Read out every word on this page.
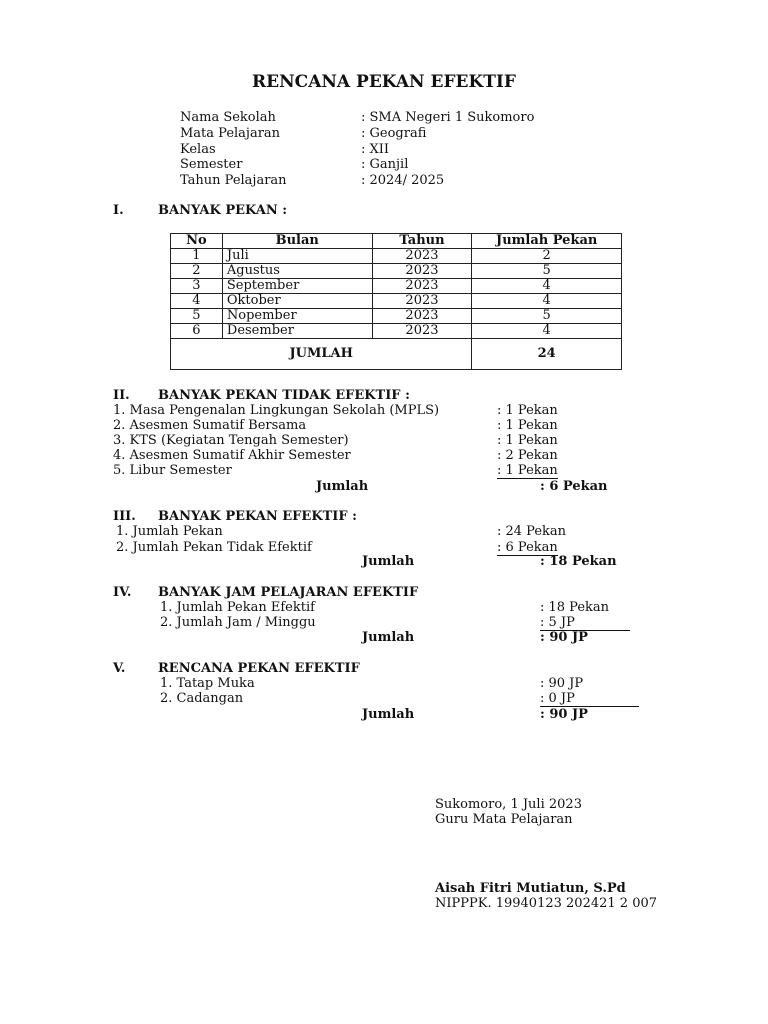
RENCANA PEKAN EFEKTIF
Nama Sekolah	: SMA Negeri 1 Sukomoro
Mata Pelajaran	: Geografi
Kelas	: XII
Semester	: Ganjil
Tahun Pelajaran	: 2024/ 2025
I.	BANYAK PEKAN :
No	Bulan	Tahun	Jumlah Pekan
1	Juli	2023	2
2	Agustus	2023	5
3	September	2023	4
4	Oktober	2023	4
5	Nopember	2023	5
6	Desember	2023	4
JUMLAH			24
II. BANYAK PEKAN TIDAK EFEKTIF :
1. Masa Pengenalan Lingkungan Sekolah (MPLS)	: 1 Pekan
2. Asesmen Sumatif Bersama	: 1 Pekan
3. KTS (Kegiatan Tengah Semester)	: 1 Pekan
4. Asesmen Sumatif Akhir Semester	: 2 Pekan
5. Libur Semester	: 1 Pekan
Jumlah	: 6 Pekan
III. BANYAK PEKAN EFEKTIF :
1. Jumlah Pekan	: 24 Pekan
2. Jumlah Pekan Tidak Efektif	: 6 Pekan
Jumlah	: 18 Pekan
IV. BANYAK JAM PELAJARAN EFEKTIF
1. Jumlah Pekan Efektif	: 18 Pekan
2. Jumlah Jam / Minggu	: 5 JP
Jumlah	: 90 JP
V.	RENCANA PEKAN EFEKTIF
1. Tatap Muka	: 90 JP
2. Cadangan	: 0 JP
Jumlah	: 90 JP
Sukomoro, 1 Juli 2023
Guru Mata Pelajaran
Aisah Fitri Mutiatun, S.Pd
NIPPPK. 19940123 202421 2 007
